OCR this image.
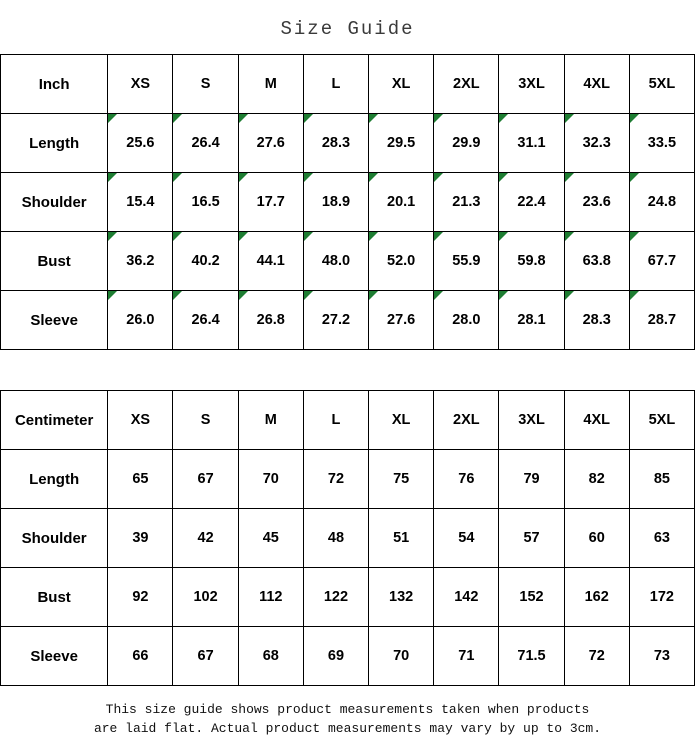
Size Guide
Inch	XS	S	M	L	XL	2XL	3XL	4XL	5XL
Length	25.6	26.4	27.6	28.3	29.5	29.9	31.1	32.3	33.5
Shoulder	15.4	16.5	17.7	18.9	20.1	21.3	22.4	23.6	24.8
Bust	36.2	40.2	44.1	48.0	52.0	55.9	59.8	63.8	67.7
Sleeve	26.0	26.4	26.8	27.2	27.6	28.0	28.1	28.3	28.7
Centimeter	XS	S	M	L	XL	2XL	3XL	4XL	5XL
Length	65	67	70	72	75	76	79	82	85
Shoulder	39	42	45	48	51	54	57	60	63
Bust	92	102	112	122	132	142	152	162	172
Sleeve	66	67	68	69	70	71	71.5	72	73
This size guide shows product measurements taken when products
are laid flat. Actual product measurements may vary by up to 3cm.
